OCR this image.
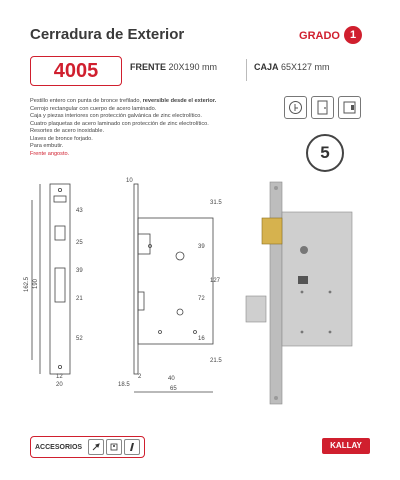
Cerradura de Exterior	GRADO 1
4005	FRENTE 20X190 mm	CAJA 65X127 mm
Pestillo entero con punta de bronce trefilado, reversible desde el exterior.
Cerrojo rectangular con cuerpo de acero laminado.
Caja y piezas interiores con protección galvánica de zinc electrolítico.
Cuatro plaquetas de acero laminado con protección de zinc electrolítico.
Resortes de acero inoxidable.
Llaves de bronce forjado.
Para embutir.
Frente angosto.	5
190
162.5
43
25
39
21
52
12
20
10
31.5
39
72
127
16
21.5
18.5
2	40
65
ACCESORIOS	KALLAY
